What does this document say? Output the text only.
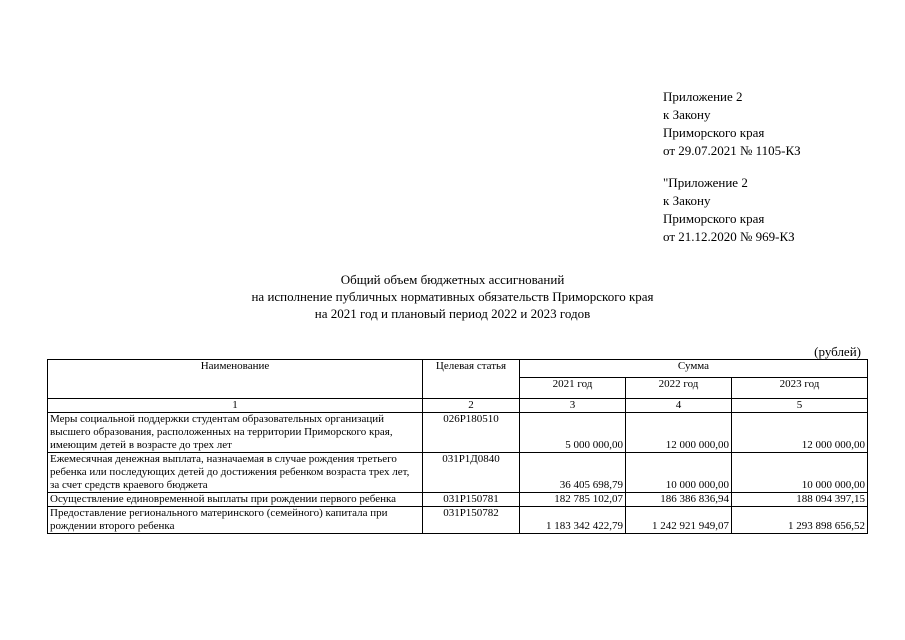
Приложение 2
к Закону
Приморского края
от 29.07.2021 № 1105-КЗ
"Приложение 2
к Закону
Приморского края
от 21.12.2020 № 969-КЗ
Общий объем бюджетных ассигнований
на исполнение публичных нормативных обязательств Приморского края
на 2021 год и плановый период 2022 и 2023 годов
(рублей)
Наименование	Целевая статья	Сумма		
		2021 год	2022 год	2023 год
1	2	3	4	5
Меры социальной поддержки студентам образовательных организаций высшего образования, расположенных на территории Приморского края, имеющим детей в возрасте до трех лет	026Р180510	5 000 000,00	12 000 000,00	12 000 000,00
Ежемесячная денежная выплата, назначаемая в случае рождения третьего ребенка или последующих детей до достижения ребенком возраста трех лет, за счет средств краевого бюджета	031Р1Д0840	36 405 698,79	10 000 000,00	10 000 000,00
Осуществление единовременной выплаты при рождении первого ребенка	031Р150781	182 785 102,07	186 386 836,94	188 094 397,15
Предоставление регионального материнского (семейного) капитала при рождении второго ребенка	031Р150782	1 183 342 422,79	1 242 921 949,07	1 293 898 656,52
